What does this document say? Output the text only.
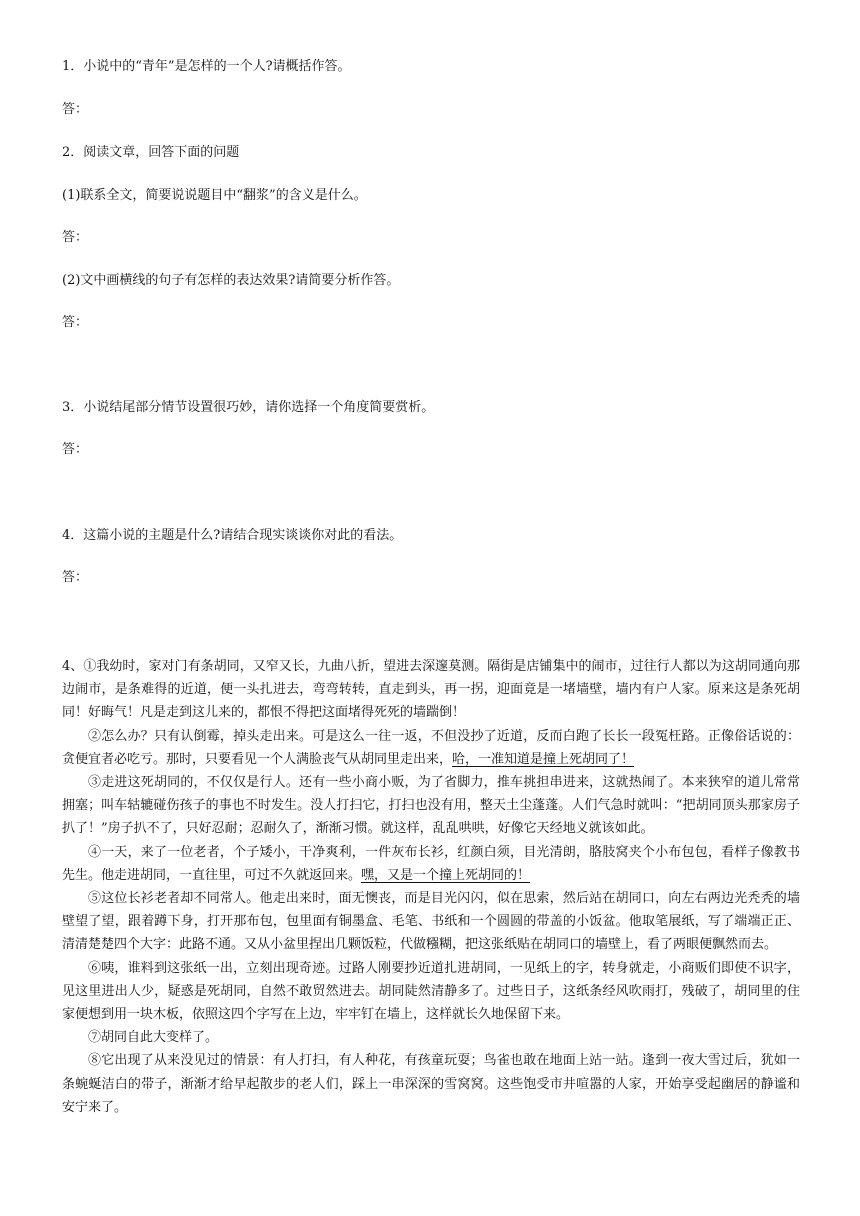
1．小说中的“青年”是怎样的一个人?请概括作答。
答：
2．阅读文章，回答下面的问题
(1)联系全文，简要说说题目中“翻浆”的含义是什么。
答：
(2)文中画横线的句子有怎样的表达效果?请简要分析作答。
答：
3．小说结尾部分情节设置很巧妙，请你选择一个角度简要赏析。
答：
4．这篇小说的主题是什么?请结合现实谈谈你对此的看法。
答：

4、①我幼时，家对门有条胡同，又窄又长，九曲八折，望进去深邃莫测。隔街是店铺集中的闹市，过往行人都以为这胡同通向那边闹市，是条难得的近道，便一头扎进去，弯弯转转，直走到头，再一拐，迎面竟是一堵墙壁，墙内有户人家。原来这是条死胡同！好晦气！凡是走到这儿来的，都恨不得把这面堵得死死的墙踹倒！

②怎么办？只有认倒霉，掉头走出来。可是这么一往一返，不但没抄了近道，反而白跑了长长一段冤枉路。正像俗话说的：贪便宜者必吃亏。那时，只要看见一个人满脸丧气从胡同里走出来，哈，一准知道是撞上死胡同了！

③走进这死胡同的，不仅仅是行人。还有一些小商小贩，为了省脚力，推车挑担串进来，这就热闹了。本来狭窄的道儿常常拥塞；叫车轱辘碰伤孩子的事也不时发生。没人打扫它，打扫也没有用，整天土尘蓬蓬。人们气急时就叫：“把胡同顶头那家房子扒了！”房子扒不了，只好忍耐；忍耐久了，渐渐习惯。就这样，乱乱哄哄，好像它天经地义就该如此。

④一天，来了一位老者，个子矮小，干净爽利，一件灰布长衫，红颜白须，目光清朗，胳肢窝夹个小布包包，看样子像教书先生。他走进胡同，一直往里，可过不久就返回来。嘿，又是一个撞上死胡同的！

⑤这位长衫老者却不同常人。他走出来时，面无懊丧，而是目光闪闪，似在思索，然后站在胡同口，向左右两边光秃秃的墙壁望了望，跟着蹲下身，打开那布包，包里面有铜墨盒、毛笔、书纸和一个圆圆的带盖的小饭盆。他取笔展纸，写了端端正正、清清楚楚四个大字：此路不通。又从小盆里捏出几颗饭粒，代做糨糊，把这张纸贴在胡同口的墙壁上，看了两眼便飘然而去。

⑥咦，谁料到这张纸一出，立刻出现奇迹。过路人刚要抄近道扎进胡同，一见纸上的字，转身就走，小商贩们即使不识字，见这里进出人少，疑惑是死胡同，自然不敢贸然进去。胡同陡然清静多了。过些日子，这纸条经风吹雨打，残破了，胡同里的住家便想到用一块木板，依照这四个字写在上边，牢牢钉在墙上，这样就长久地保留下来。

⑦胡同自此大变样了。

⑧它出现了从来没见过的情景：有人打扫，有人种花，有孩童玩耍；鸟雀也敢在地面上站一站。逢到一夜大雪过后，犹如一条蜿蜒洁白的带子，渐渐才给早起散步的老人们，踩上一串深深的雪窝窝。这些饱受市井喧嚣的人家，开始享受起幽居的静谧和安宁来了。
